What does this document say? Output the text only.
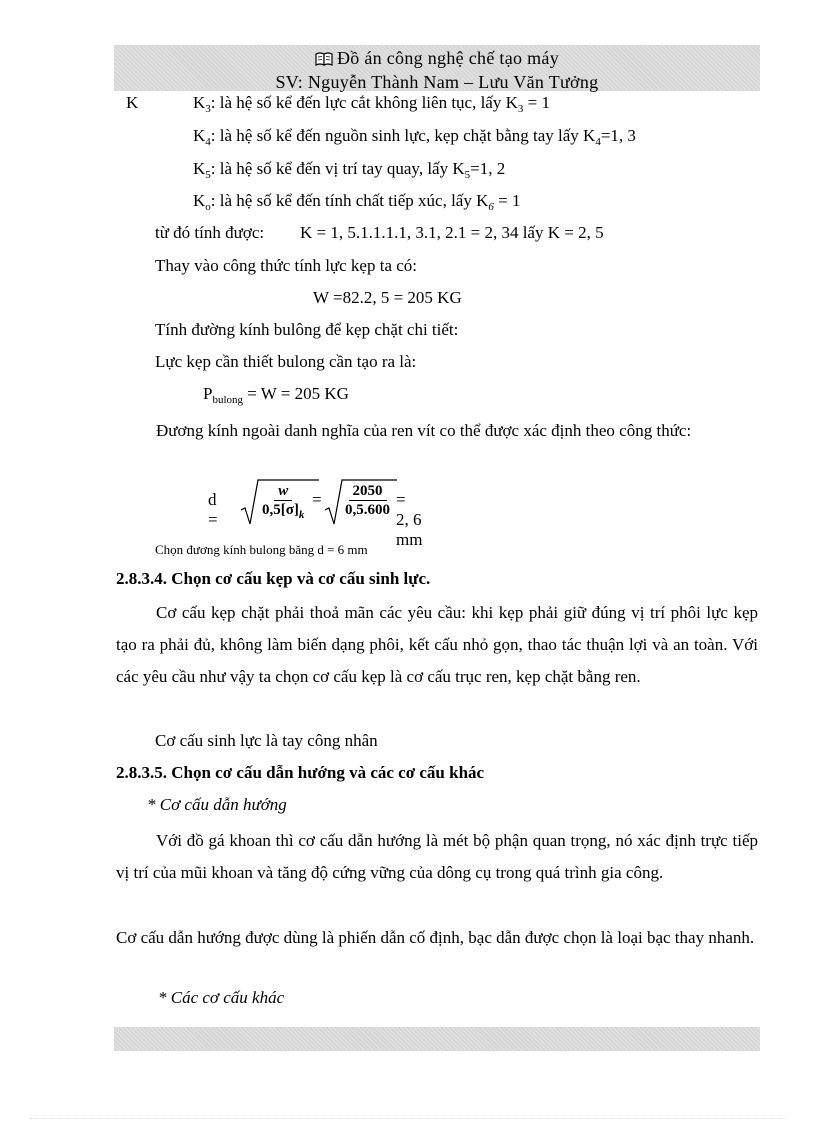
Đồ án công nghệ chế tạo máy
SV: Nguyễn Thành Nam – Lưu Văn Tưởng
K	$K_3$: là hệ số kể đến lực cắt không liên tục, lấy $K_3 = 1$
$K_4$: là hệ số kể đến nguồn sinh lực, kẹp chặt bằng tay lấy $K_4=1$, 3
$K_5$: là hệ số kể đến vị trí tay quay, lấy $K_5=1$, 2
$K_o$: là hệ số kể đến tính chất tiếp xúc, lấy $K_6 = 1$
từ đó tính được: K = 1, 5.1.1.1.1, 3.1, 2.1 = 2, 34 lấy K = 2, 5
Thay vào công thức tính lực kẹp ta có:
W =82.2, 5 = 205 KG
Tính đường kính bulông để kẹp chặt chi tiết:
Lực kẹp cần thiết bulong cần tạo ra là:
$P_{bulong} = W = 205$ KG
Đương kính ngoài danh nghĩa của ren vít co thể được xác định theo công thức:
d =
$\frac{w}{0,5[\sigma]_k} = \frac{2050}{0,5.600} = 2$, 6 mm
Chọn đương kính bulong băng d = 6 mm
2.8.3.4. Chọn cơ cấu kẹp và cơ cấu sinh lực.
Cơ cấu kẹp chặt phải thoả mãn các yêu cầu: khi kẹp phải giữ đúng vị trí phôi lực kẹp tạo ra phải đủ, không làm biến dạng phôi, kết cấu nhỏ gọn, thao tác thuận lợi và an toàn. Với các yêu cầu như vậy ta chọn cơ cấu kẹp là cơ cấu trục ren, kẹp chặt bằng ren.
Cơ cấu sinh lực là tay công nhân
2.8.3.5. Chọn cơ cấu dẫn hướng và các cơ cấu khác
* Cơ cấu dẫn hướng
Với đồ gá khoan thì cơ cấu dẫn hướng là mét bộ phận quan trọng, nó xác định trực tiếp vị trí của mũi khoan và tăng độ cứng vững của dông cụ trong quá trình gia công.
Cơ cấu dẫn hướng được dùng là phiến dẫn cố định, bạc dẫn được chọn là loại bạc thay nhanh.
* Các cơ cấu khác
